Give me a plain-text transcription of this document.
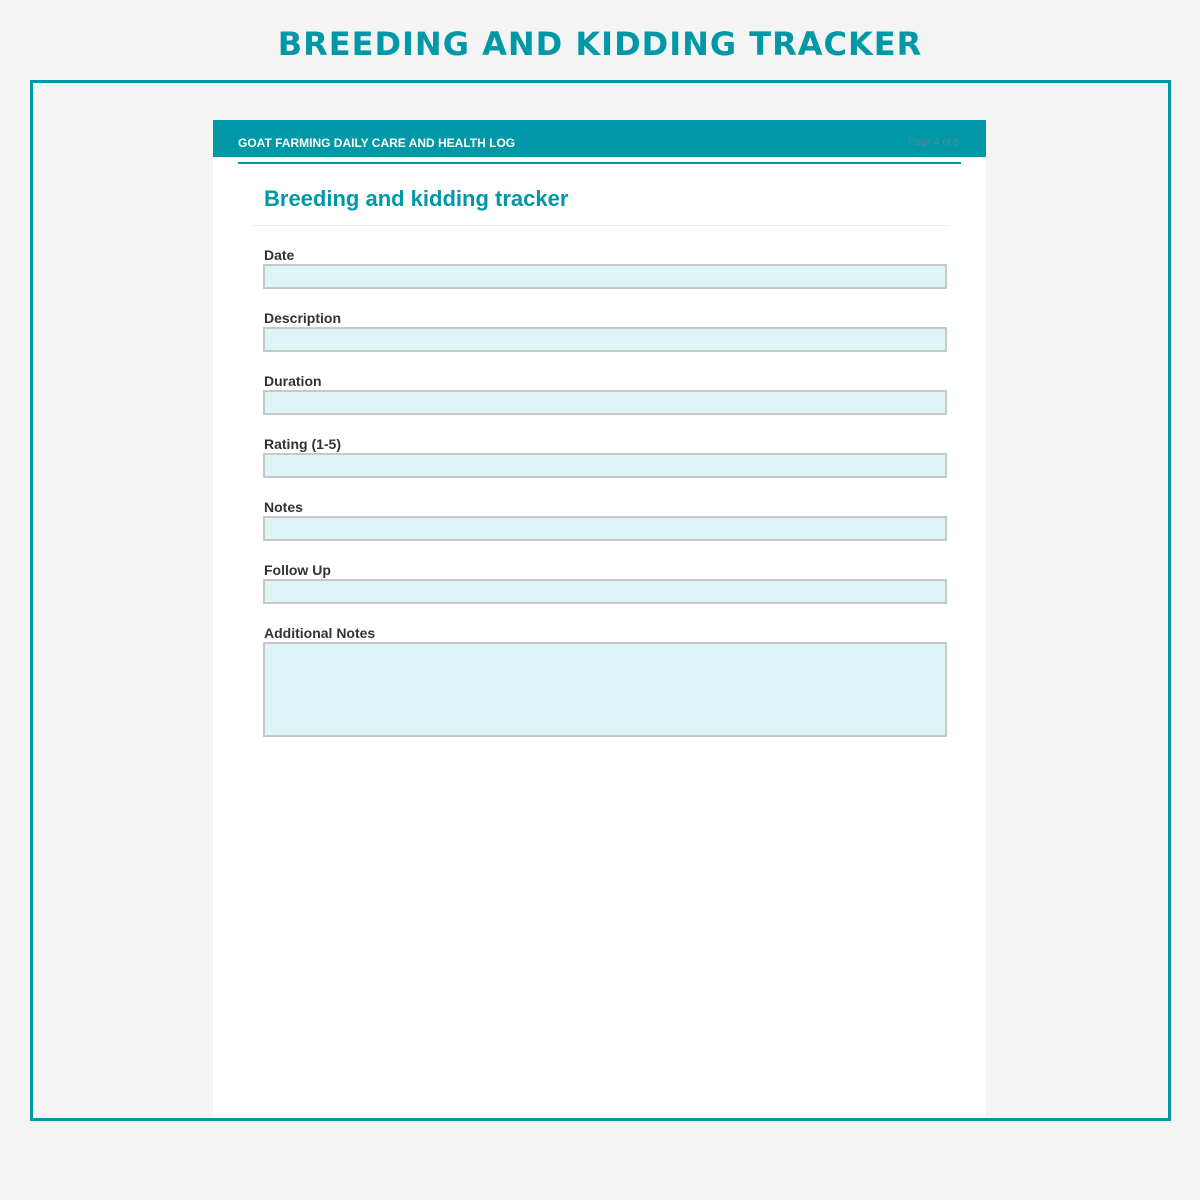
BREEDING AND KIDDING TRACKER
GOAT FARMING DAILY CARE AND HEALTH LOG	Page 4 of 5
Breeding and kidding tracker
Date
Description
Duration
Rating (1-5)
Notes
Follow Up
Additional Notes
